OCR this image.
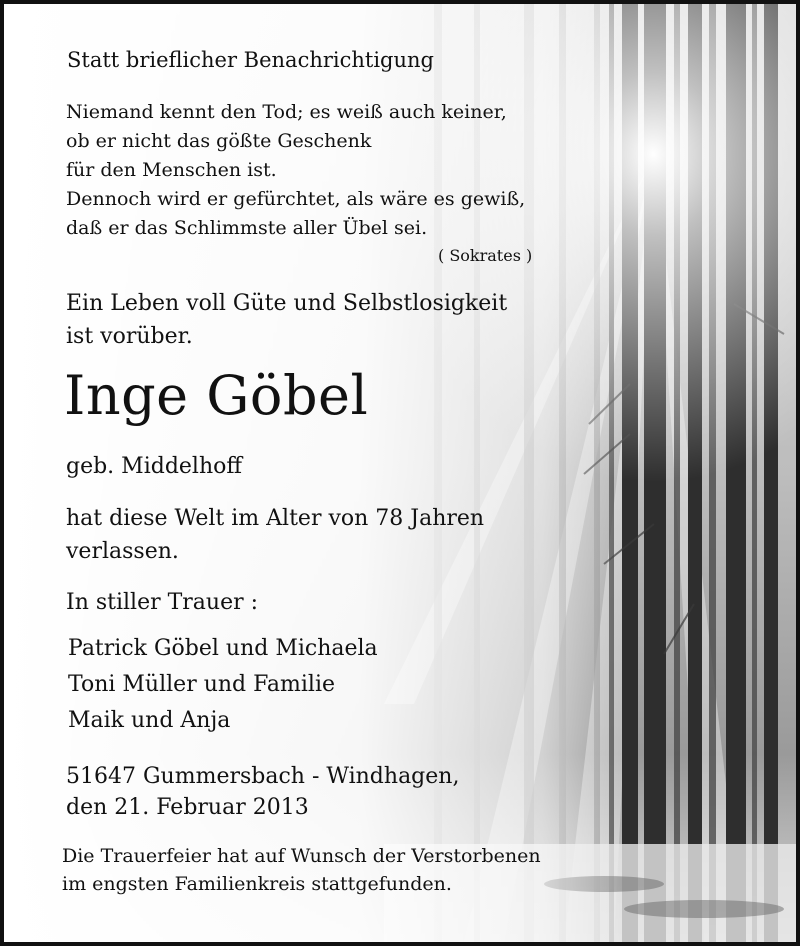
Statt brieflicher Benachrichtigung
Niemand kennt den Tod; es weiß auch keiner,
ob er nicht das gößte Geschenk
für den Menschen ist.
Dennoch wird er gefürchtet, als wäre es gewiß,
daß er das Schlimmste aller Übel sei.
( Sokrates )
Ein Leben voll Güte und Selbstlosigkeit
ist vorüber.
Inge Göbel
geb. Middelhoff
hat diese Welt im Alter von 78 Jahren
verlassen.
In stiller Trauer :
Patrick Göbel und Michaela
Toni Müller und Familie
Maik und Anja
51647 Gummersbach - Windhagen,
den 21. Februar 2013
Die Trauerfeier hat auf Wunsch der Verstorbenen
im engsten Familienkreis stattgefunden.
